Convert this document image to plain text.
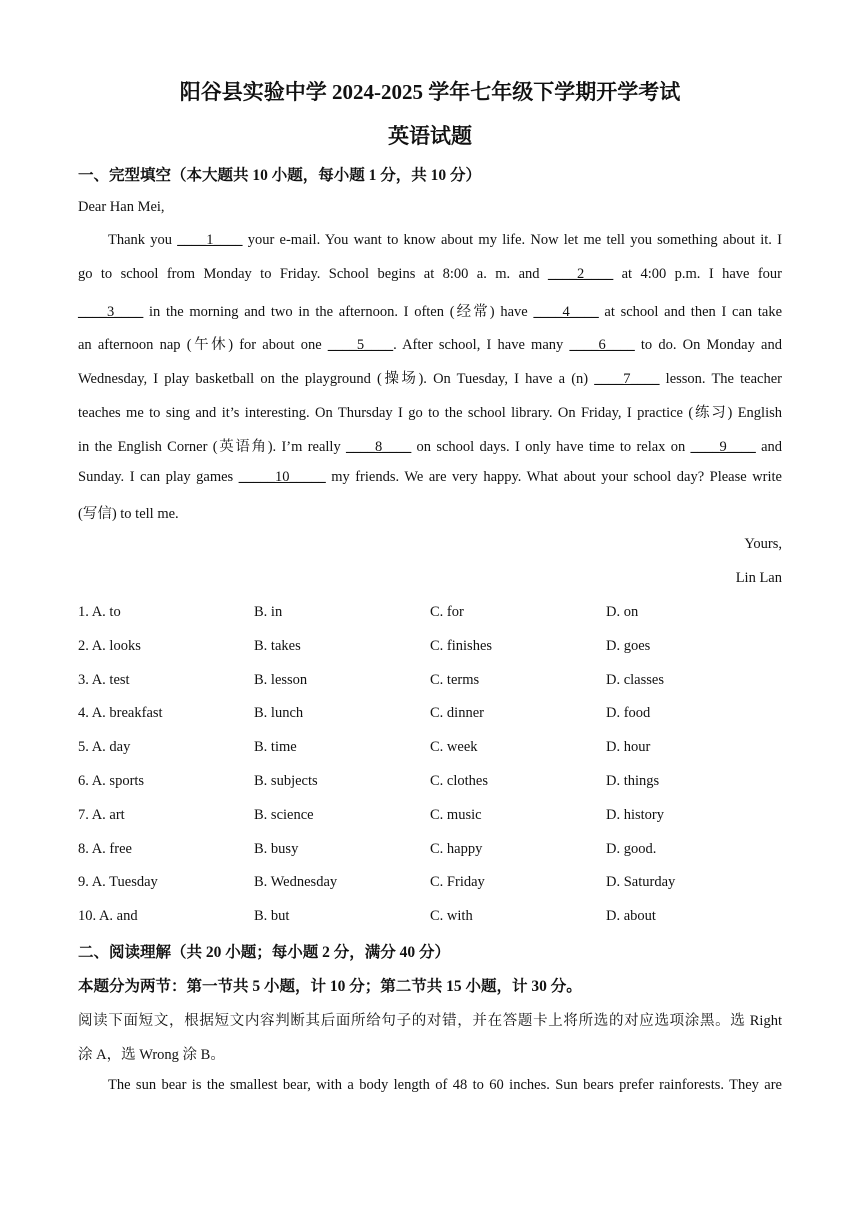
阳谷县实验中学 2024-2025 学年七年级下学期开学考试
英语试题
一、完型填空（本大题共 10 小题，每小题 1 分，共 10 分）
Dear Han Mei,
Thank you ____1____ your e-mail. You want to know about my life. Now let me tell you something about it. I
go to school from Monday to Friday. School begins at 8:00 a. m. and ____2____ at 4:00 p.m. I have four
____3____ in the morning and two in the afternoon. I often (经常) have ____4____ at school and then I can take
an afternoon nap (午休) for about one ____5____. After school, I have many ____6____ to do. On Monday and
Wednesday, I play basketball on the playground (操场). On Tuesday, I have a (n) ____7____ lesson. The teacher
teaches me to sing and it’s interesting. On Thursday I go to the school library. On Friday, I practice (练习) English
in the English Corner (英语角). I’m really ____8____ on school days. I only have time to relax on ____9____ and
Sunday. I can play games _____10_____ my friends. We are very happy. What about your school day? Please write
(写信) to tell me.
Yours,
Lin Lan
1. A. to	B. in	C. for	D. on
2. A. looks	B. takes	C. finishes	D. goes
3. A. test	B. lesson	C. terms	D. classes
4. A. breakfast	B. lunch	C. dinner	D. food
5. A. day	B. time	C. week	D. hour
6. A. sports	B. subjects	C. clothes	D. things
7. A. art	B. science	C. music	D. history
8. A. free	B. busy	C. happy	D. good.
9. A. Tuesday	B. Wednesday	C. Friday	D. Saturday
10. A. and	B. but	C. with	D. about
二、阅读理解（共 20 小题；每小题 2 分，满分 40 分）
本题分为两节：第一节共 5 小题，计 10 分；第二节共 15 小题，计 30 分。
阅读下面短文，根据短文内容判断其后面所给句子的对错，并在答题卡上将所选的对应选项涂黑。选 Right
涂 A，选 Wrong 涂 B。
The sun bear is the smallest bear, with a body length of 48 to 60 inches. Sun bears prefer rainforests. They are
